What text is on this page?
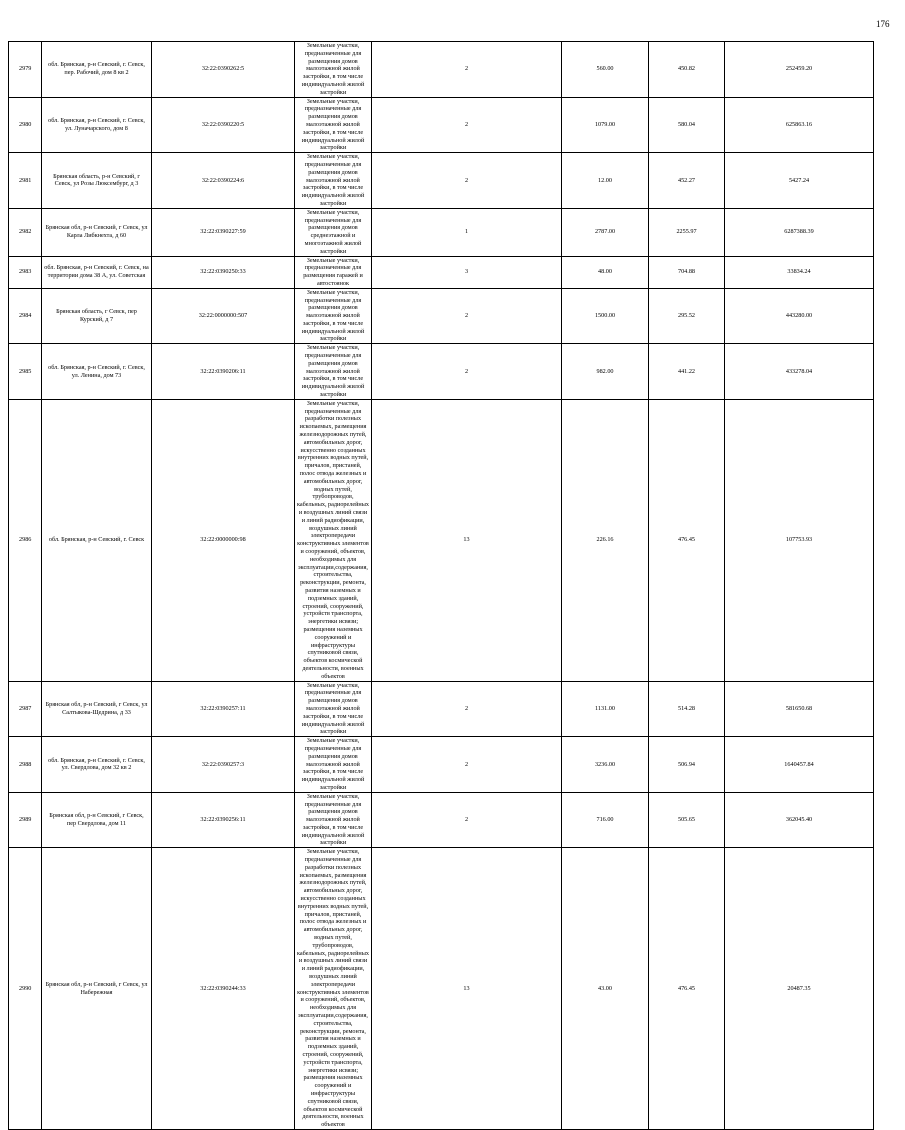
176
2979	обл. Брянская, р-н Севский, г. Севск, пер. Рабочий, дом 8 кв 2	32:22:0390262:5	Земельные участки, предназначенные для размещения домов малоэтажной жилой застройки, в том числе индивидуальной жилой застройки	2	560.00	450.82	252459.20
2980	обл. Брянская, р-н Севский, г. Севск, ул. Луначарского, дом 8	32:22:0390220:5	Земельные участки, предназначенные для размещения домов малоэтажной жилой застройки, в том числе индивидуальной жилой застройки	2	1079.00	580.04	625863.16
2981	Брянская область, р-н Севский, г Севск, ул Розы Люксембург, д 3	32:22:0390224:6	Земельные участки, предназначенные для размещения домов малоэтажной жилой застройки, в том числе индивидуальной жилой застройки	2	12.00	452.27	5427.24
2982	Брянская обл, р-н Севский, г Севск, ул Карла Либкнехта, д 60	32:22:0390227:59	Земельные участки, предназначенные для размещения домов среднеэтажной и многоэтажной жилой застройки	1	2787.00	2255.97	6287388.39
2983	обл. Брянская, р-н Севский, г. Севск, на территории дома 38 А, ул. Советская	32:22:0390250:33	Земельные участки, предназначенные для размещения гаражей и автостоянок	3	48.00	704.88	33834.24
2984	Брянская область, г Севск, пер Курский, д 7	32:22:0000000:507	Земельные участки, предназначенные для размещения домов малоэтажной жилой застройки, в том числе индивидуальной жилой застройки	2	1500.00	295.52	443280.00
2985	обл. Брянская, р-н Севский, г. Севск, ул. Ленина, дом 73	32:22:0390206:11	Земельные участки, предназначенные для размещения домов малоэтажной жилой застройки, в том числе индивидуальной жилой застройки	2	982.00	441.22	433278.04
2986	обл. Брянская, р-н Севский, г. Севск	32:22:0000000:98	Земельные участки, предназначенные для разработки полезных ископаемых, размещения железнодорожных путей, автомобильных дорог, искусственно созданных внутренних водных путей, причалов, пристаней, полос отвода железных и автомобильных дорог, водных путей, трубопроводов, кабельных, радиорелейных и воздушных линий связи и линий радиофикации, воздушных линий электропередачи конструктивных элементов и сооружений, объектов, необходимых для эксплуатации,содержания, строительства, реконструкции, ремонта, развития наземных и подземных зданий, строений, сооружений, устройств транспорта, энергетики исвязи; размещения наземных сооружений и инфраструктуры спутниковой связи, объектов космической деятельности, военных объектов	13	226.16	476.45	107753.93
2987	Брянская обл, р-н Севский, г Севск, ул Салтыкова-Щедрина, д 33	32:22:0390257:11	Земельные участки, предназначенные для размещения домов малоэтажной жилой застройки, в том числе индивидуальной жилой застройки	2	1131.00	514.28	581650.68
2988	обл. Брянская, р-н Севский, г. Севск, ул. Свердлова, дом 32 кв 2	32:22:0390257:3	Земельные участки, предназначенные для размещения домов малоэтажной жилой застройки, в том числе индивидуальной жилой застройки	2	3236.00	506.94	1640457.84
2989	Брянская обл, р-н Севский, г Севск, пер Свердлова, дом 11	32:22:0390256:11	Земельные участки, предназначенные для размещения домов малоэтажной жилой застройки, в том числе индивидуальной жилой застройки	2	716.00	505.65	362045.40
2990	Брянская обл, р-н Севский, г Севск, ул Набережная	32:22:0390244:33	Земельные участки, предназначенные для разработки полезных ископаемых, размещения железнодорожных путей, автомобильных дорог, искусственно созданных внутренних водных путей, причалов, пристаней, полос отвода железных и автомобильных дорог, водных путей, трубопроводов, кабельных, радиорелейных и воздушных линий связи и линий радиофикации, воздушных линий электропередачи конструктивных элементов и сооружений, объектов, необходимых для эксплуатации,содержания, строительства, реконструкции, ремонта, развития наземных и подземных зданий, строений, сооружений, устройств транспорта, энергетики исвязи; размещения наземных сооружений и инфраструктуры спутниковой связи, объектов космической деятельности, военных объектов	13	43.00	476.45	20487.35
